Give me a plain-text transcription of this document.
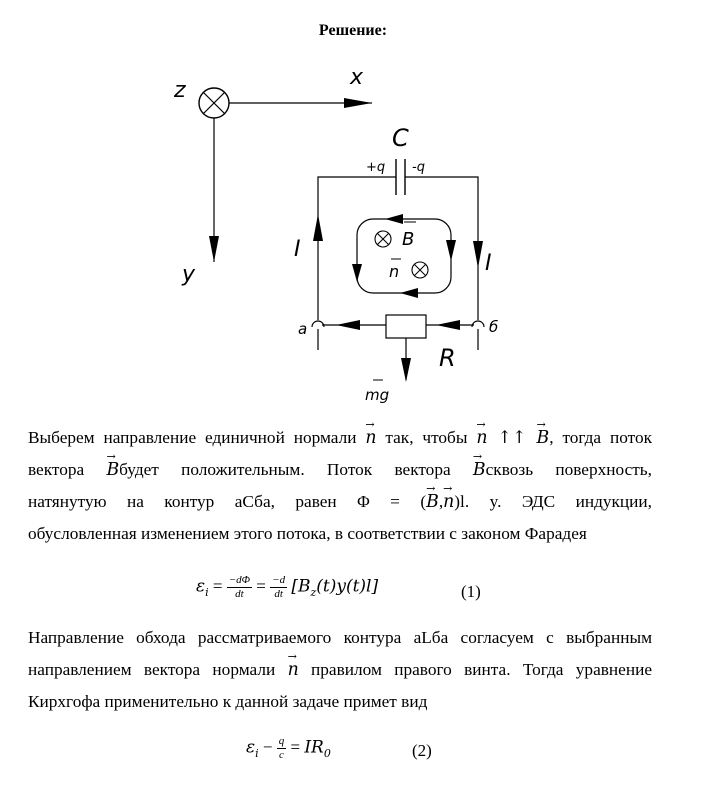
Решение:
z
x
y
C
+q -q
I
I
B
n
R
mg
a	б
Выберем направление единичной нормали → n так, чтобы → n ↑↑ → B, тогда поток
вектора → Bбудет положительным. Поток вектора → Bсквозь поверхность,
натянутую на контур аСба, равен Φ = (→ B,→ n)l. y. ЭДС индукции,
обусловленная изменением этого потока, в соответствии с законом Фарадея
$\varepsilon_i = \frac{-d\Phi}{dt} = \frac{-d}{dt} [B_z(t)y(t)l]$	(1)
Направление обхода рассматриваемого контура аLба согласуем с выбранным
направлением вектора нормали → n правилом правого винта. Тогда уравнение
Кирхгофа применительно к данной задаче примет вид
$\varepsilon_i - \frac{q}{c} = IR_0$	(2)
